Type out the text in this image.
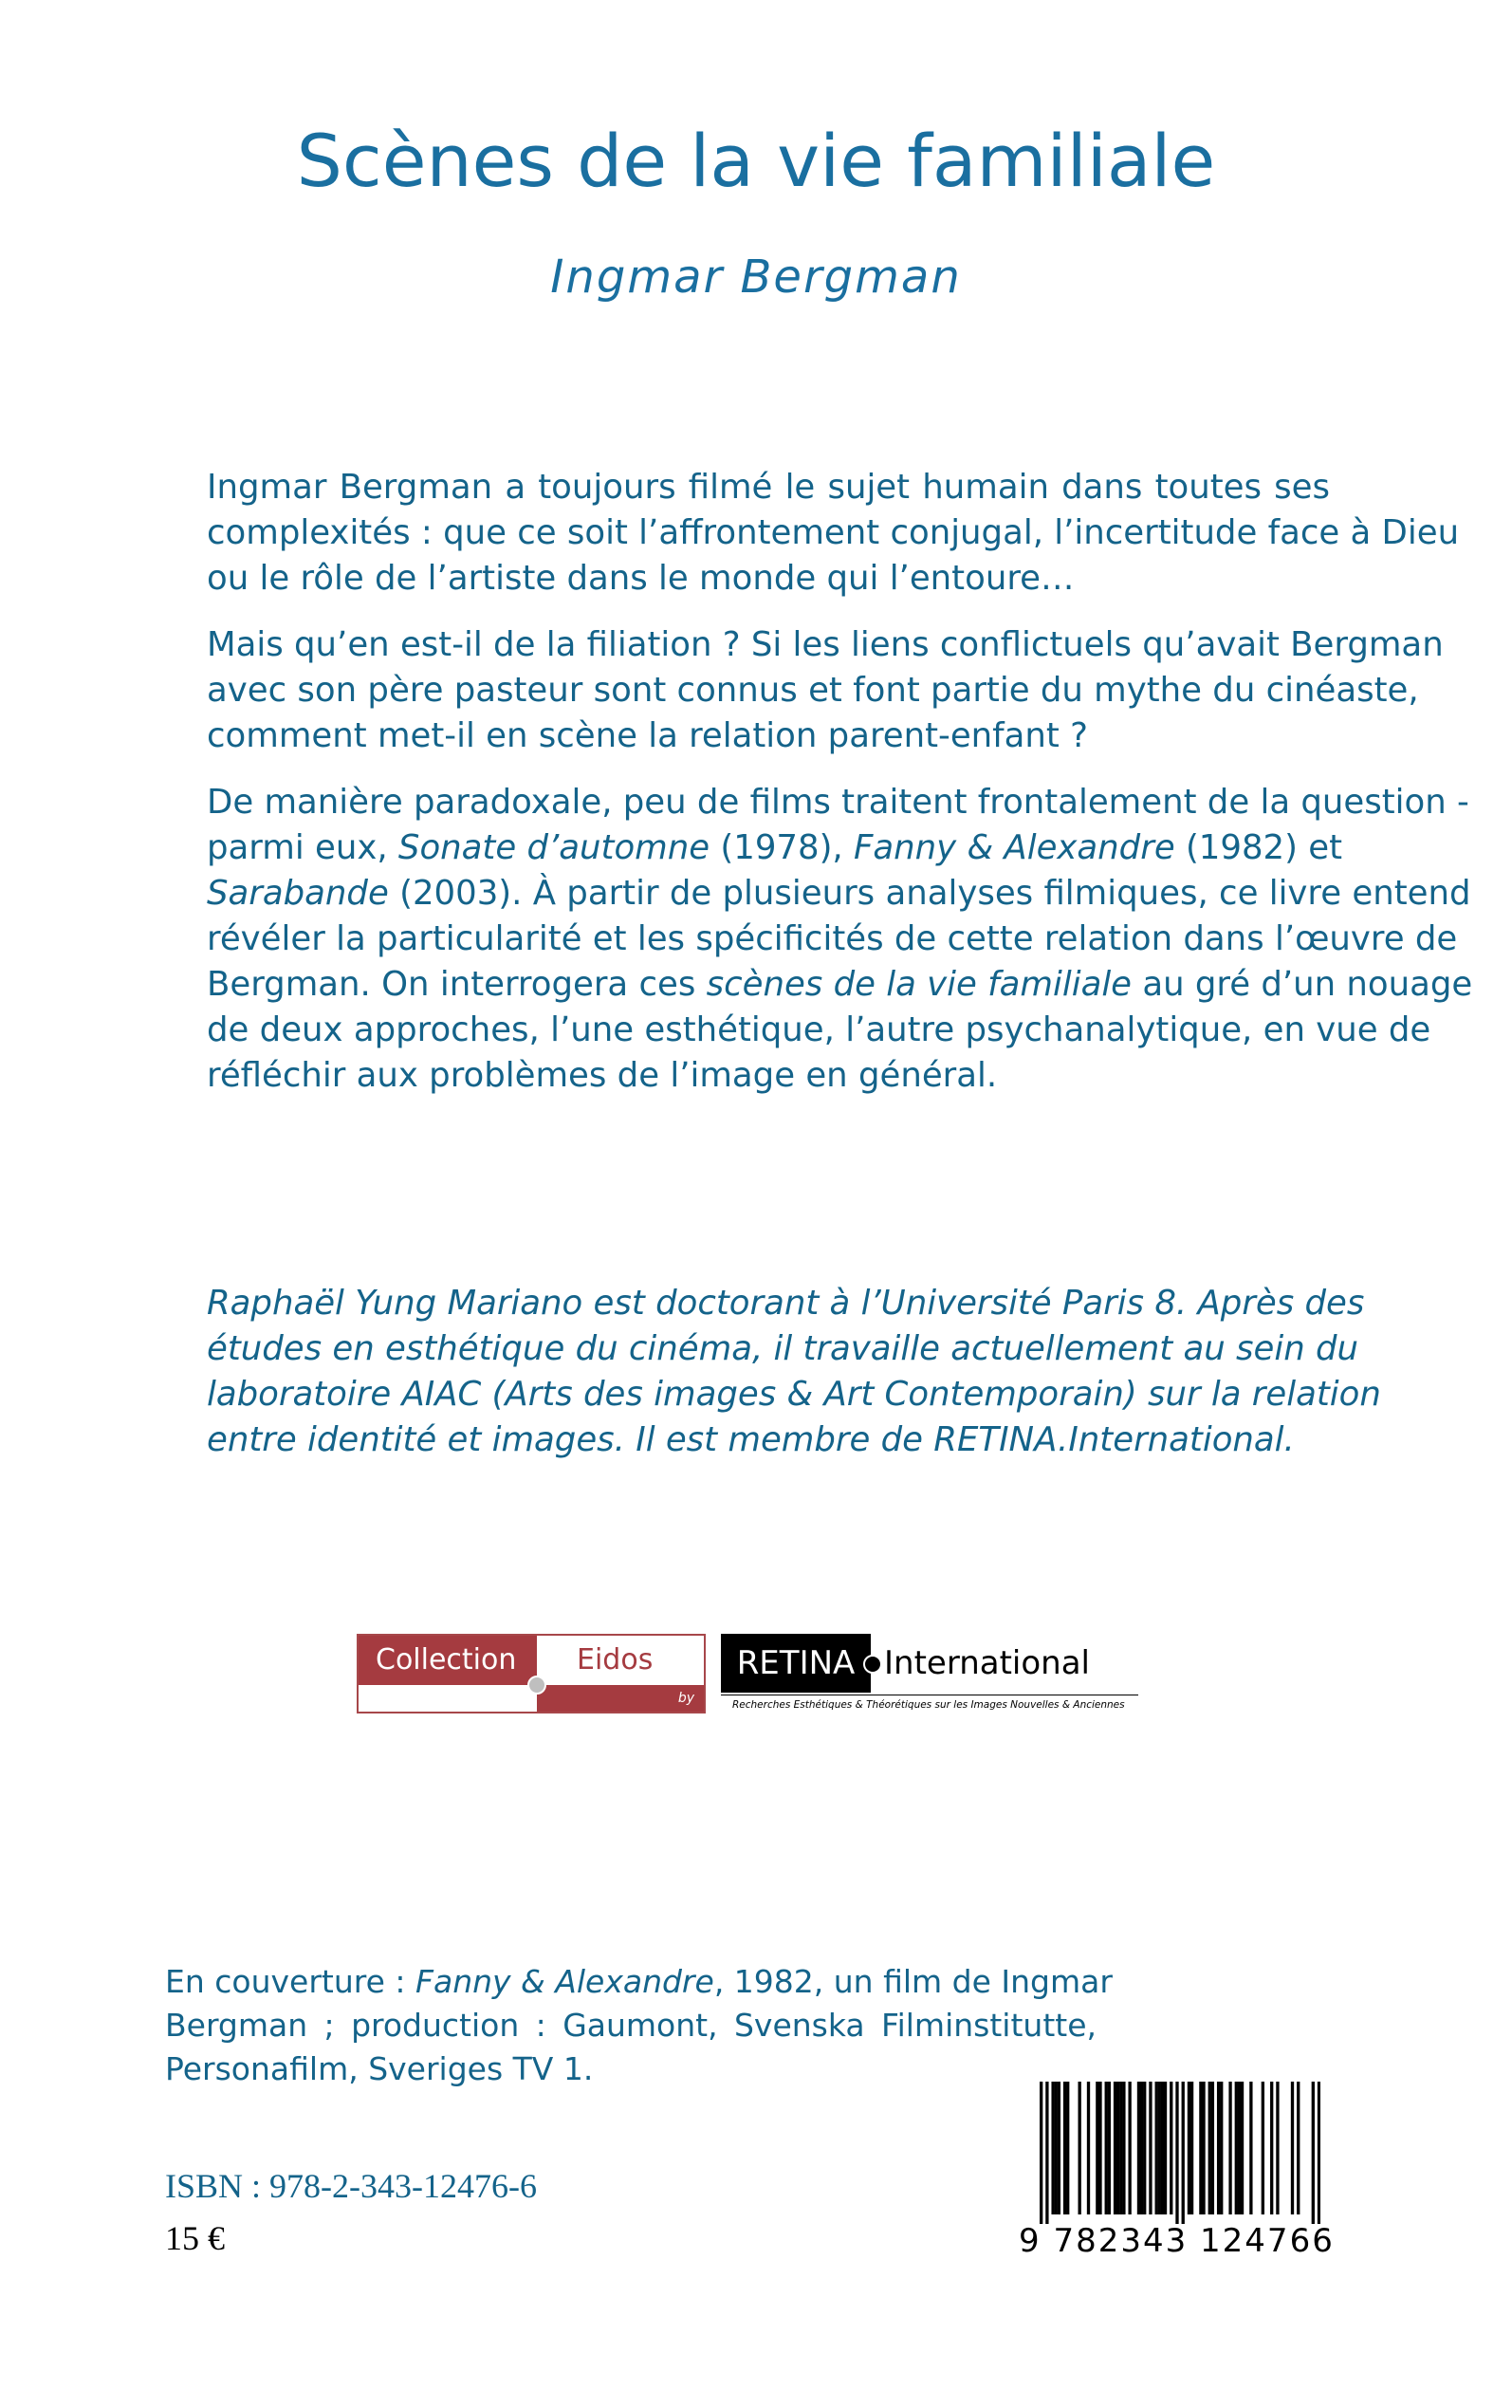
Scènes de la vie familiale

Ingmar Bergman

Ingmar Bergman a toujours filmé le sujet humain dans toutes ses
complexités : que ce soit l’affrontement conjugal, l’incertitude face à Dieu
ou le rôle de l’artiste dans le monde qui l’entoure…

Mais qu’en est-il de la filiation ? Si les liens conflictuels qu’avait Bergman
avec son père pasteur sont connus et font partie du mythe du cinéaste,
comment met-il en scène la relation parent-enfant ?

De manière paradoxale, peu de films traitent frontalement de la question -
parmi eux, Sonate d’automne (1978), Fanny & Alexandre (1982) et
Sarabande (2003). À partir de plusieurs analyses filmiques, ce livre entend
révéler la particularité et les spécificités de cette relation dans l’œuvre de
Bergman. On interrogera ces scènes de la vie familiale au gré d’un nouage
de deux approches, l’une esthétique, l’autre psychanalytique, en vue de
réfléchir aux problèmes de l’image en général.

Raphaël Yung Mariano est doctorant à l’Université Paris 8. Après des
études en esthétique du cinéma, il travaille actuellement au sein du
laboratoire AIAC (Arts des images & Art Contemporain) sur la relation
entre identité et images. Il est membre de RETINA.International.
Collection	Eidos
by RETINA.International
RETINA International
Recherches Esthétiques & Théorétiques sur les Images Nouvelles & Anciennes
En couverture : Fanny & Alexandre, 1982, un film de Ingmar
Bergman ; production : Gaumont, Svenska Filminstitutte,
Personafilm, Sveriges TV 1.

ISBN : 978-2-343-12476-6

15 €	9 782343 124766
